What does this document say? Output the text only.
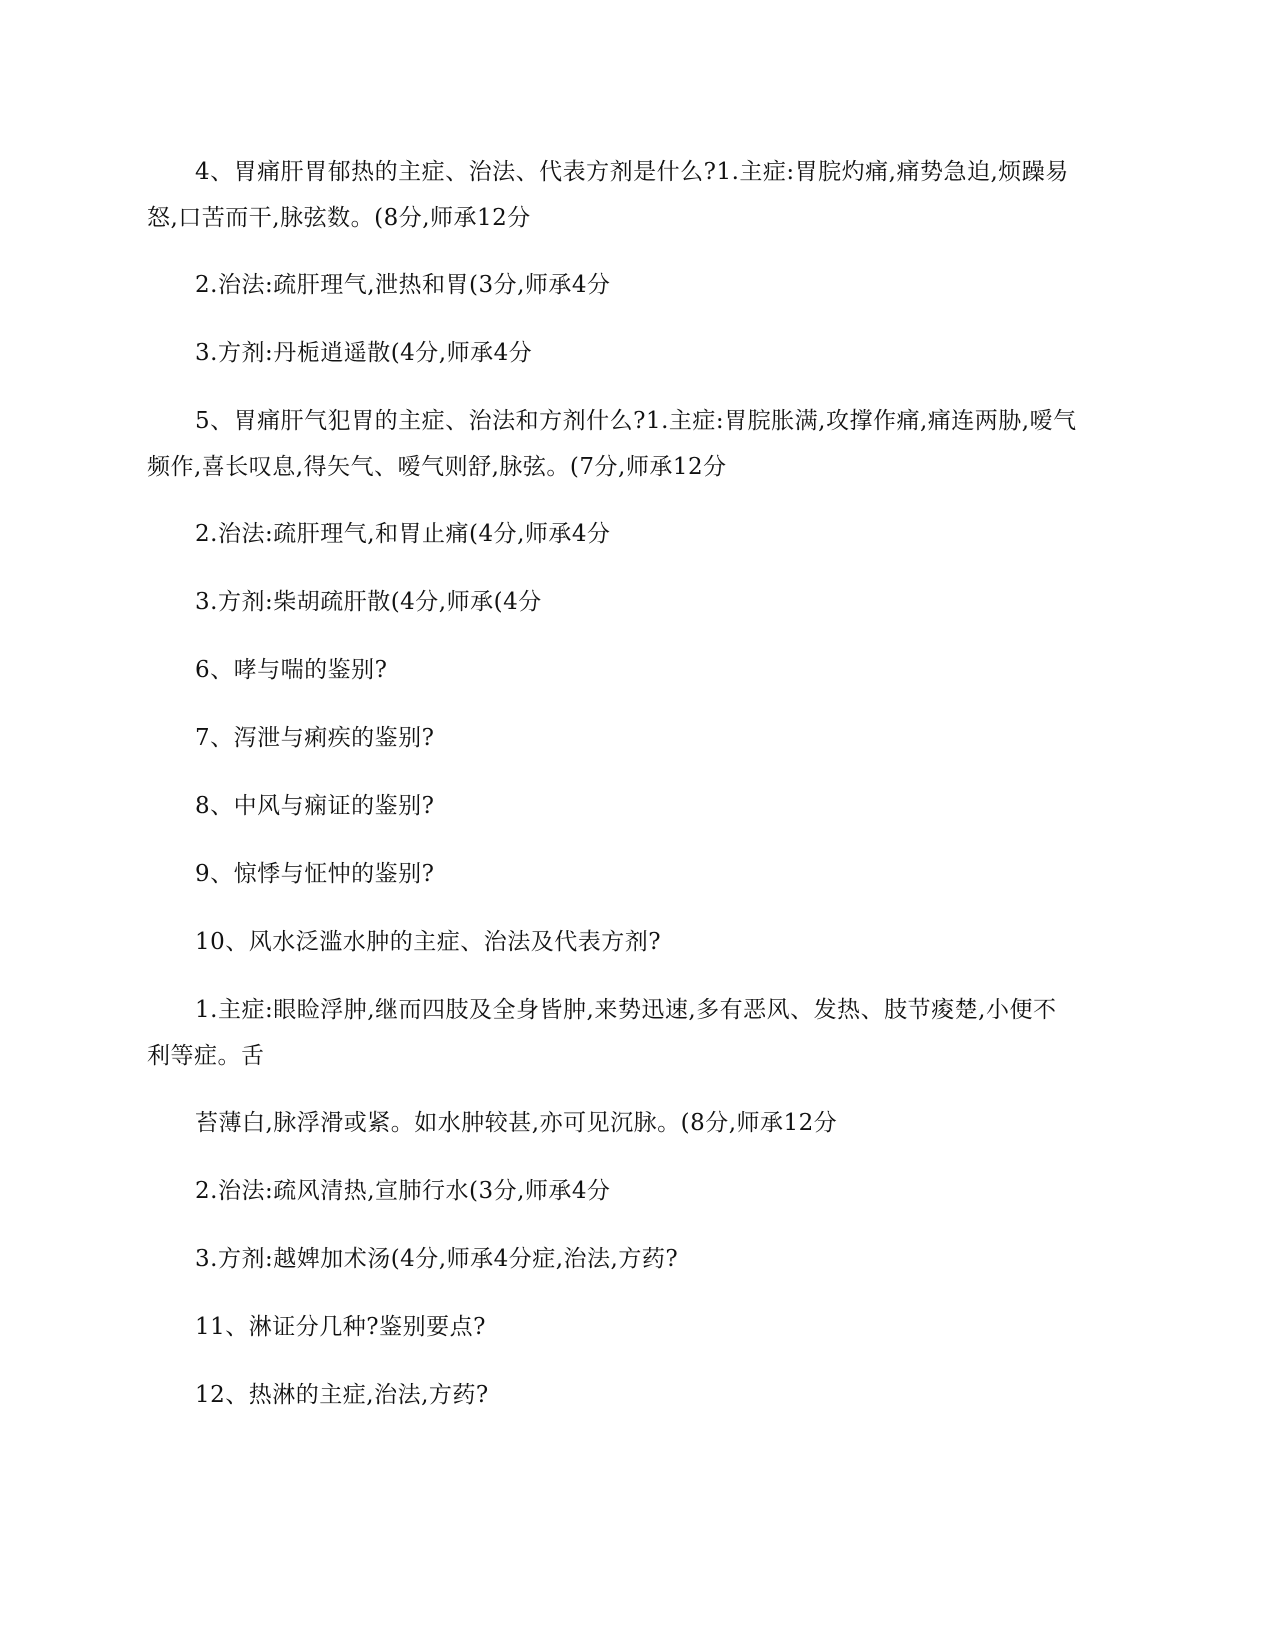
4、胃痛肝胃郁热的主症、治法、代表方剂是什么?1.主症:胃脘灼痛,痛势急迫,烦躁易
怒,口苦而干,脉弦数。(8分,师承12分
2.治法:疏肝理气,泄热和胃(3分,师承4分
3.方剂:丹栀逍遥散(4分,师承4分
5、胃痛肝气犯胃的主症、治法和方剂什么?1.主症:胃脘胀满,攻撑作痛,痛连两胁,嗳气
频作,喜长叹息,得矢气、嗳气则舒,脉弦。(7分,师承12分
2.治法:疏肝理气,和胃止痛(4分,师承4分
3.方剂:柴胡疏肝散(4分,师承(4分
6、哮与喘的鉴别?
7、泻泄与痢疾的鉴别?
8、中风与痫证的鉴别?
9、惊悸与怔忡的鉴别?
10、风水泛滥水肿的主症、治法及代表方剂?
1.主症:眼睑浮肿,继而四肢及全身皆肿,来势迅速,多有恶风、发热、肢节痠楚,小便不
利等症。舌
苔薄白,脉浮滑或紧。如水肿较甚,亦可见沉脉。(8分,师承12分
2.治法:疏风清热,宣肺行水(3分,师承4分
3.方剂:越婢加术汤(4分,师承4分症,治法,方药?
11、淋证分几种?鉴别要点?
12、热淋的主症,治法,方药?
